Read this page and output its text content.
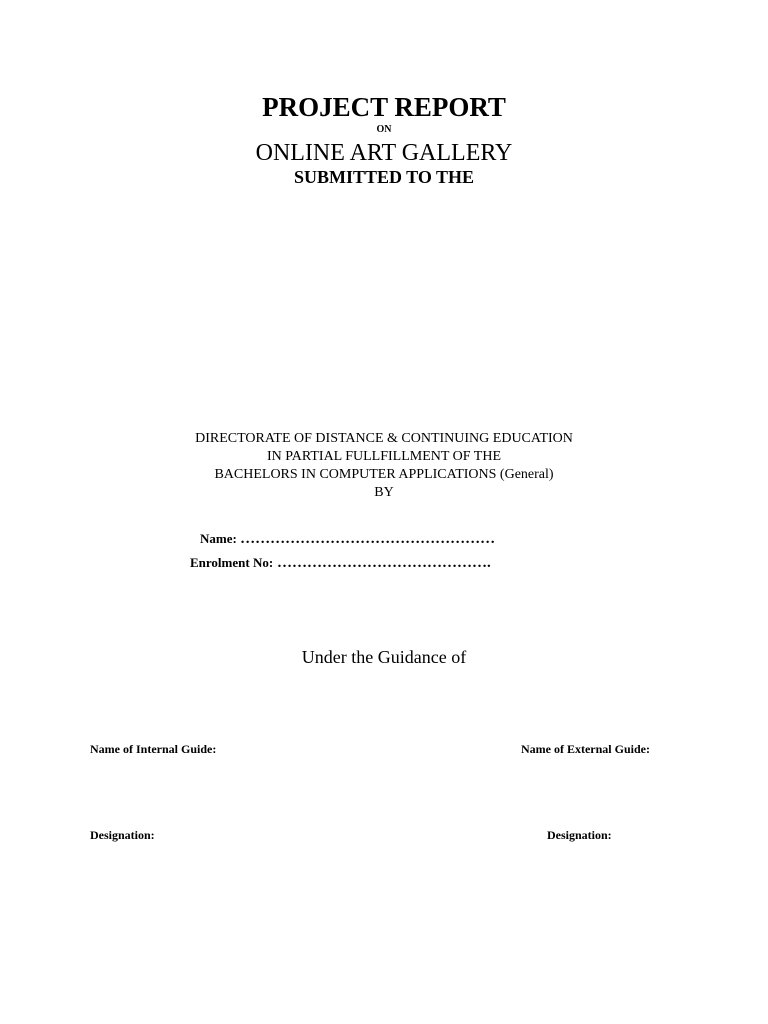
PROJECT REPORT
ON
ONLINE ART GALLERY
SUBMITTED TO THE
DIRECTORATE OF DISTANCE & CONTINUING EDUCATION
IN PARTIAL FULLFILLMENT OF THE
BACHELORS IN COMPUTER APPLICATIONS (General)
BY
Name: ……………………………………………
Enrolment No: …………………………………….
Under the Guidance of
Name of Internal Guide:	Name of External Guide:
Designation:	Designation:
